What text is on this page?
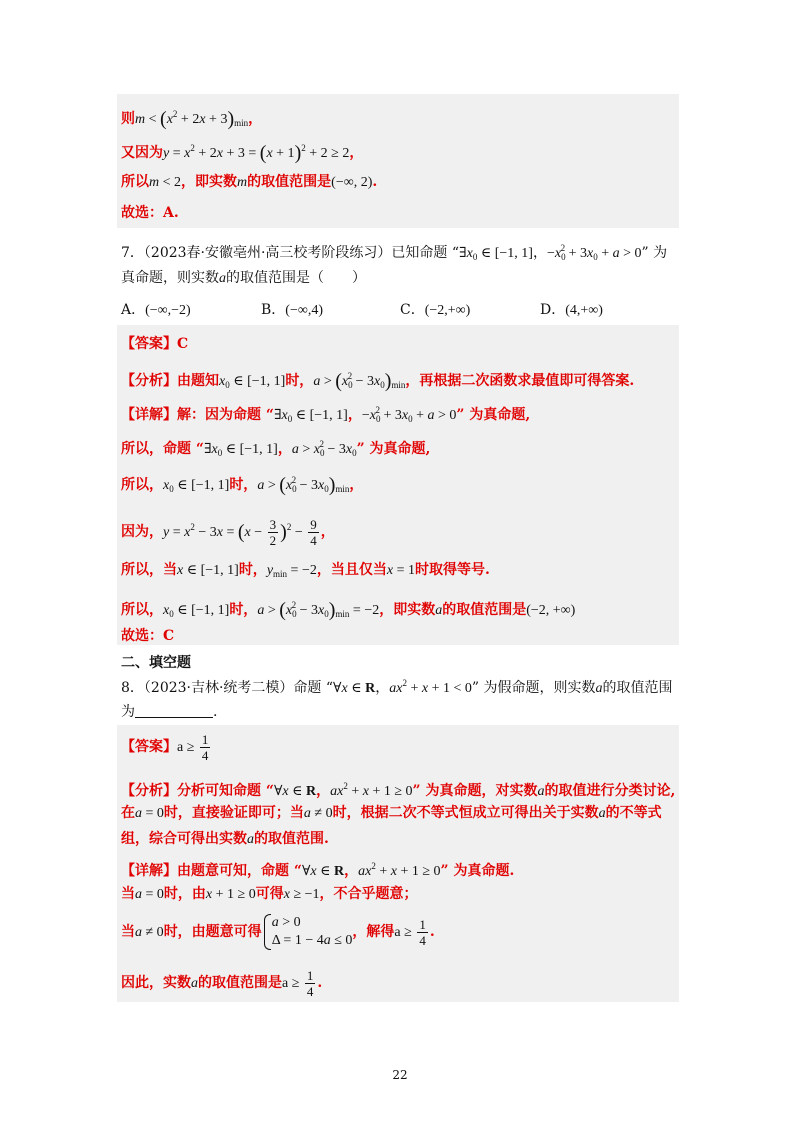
则$m < (x^2 + 2x + 3)_{min}$，
又因为$y = x^2 + 2x + 3 = (x + 1)^2 + 2 \ge 2$，
所以m < 2，即实数m的取值范围是(−∞, 2).
故选：A.
7．（2023春·安徽亳州·高三校考阶段练习）已知命题 “$\exists x_0$ ∈ [−1, 1]，$-x_0^2 + 3x_0 + a > 0$” 为
真命题，则实数a的取值范围是（　　）
A．(−∞,−2)	B．(−∞,4)	C．(−2,+∞)	D．(4,+∞)
【答案】C
【分析】由题知$x_0$ ∈ [−1, 1]时，$a > (x_0^2 - 3x_0)_{min}$，再根据二次函数求最值即可得答案.
【详解】解：因为命题 “$\exists x_0$ ∈ [−1, 1]，$-x_0^2 + 3x_0 + a > 0$” 为真命题,
所以，命题 “$\exists x_0$ ∈ [−1, 1]，$a > x_0^2 - 3x_0$” 为真命题,
所以，$x_0$ ∈ [−1, 1]时，$a > (x_0^2 - 3x_0)_{min}$，
因为，$y = x^2 - 3x = (x - \frac{3}{2} )^2 - \frac{9}{4}$ ，
所以，当x ∈ [−1, 1]时，$y_{min} = -2$，当且仅当x = 1时取得等号.
所以，$x_0$ ∈ [−1, 1]时，$a > (x_0^2 - 3x_0)_{min} = -2$，即实数a的取值范围是(−2, +∞)
故选：C
二、填空题
8．（2023·吉林·统考二模）命题 “∀x ∈ R，$ax^2 + x + 1 < 0$” 为假命题，则实数a的取值范围
为	.
【答案】$a \ge \frac{1}{4}$
【分析】分析可知命题 “∀x ∈ R，$ax^2 + x + 1 \ge 0$” 为真命题，对实数a的取值进行分类讨论,
在a = 0时，直接验证即可；当a ≠ 0时，根据二次不等式恒成立可得出关于实数a的不等式
组，综合可得出实数a的取值范围.
【详解】由题意可知，命题 “∀x ∈ R，$ax^2 + x + 1 \ge 0$” 为真命题.
当a = 0时，由x + 1 ≥ 0可得x ≥ −1，不合乎题意；
当a ≠ 0时，由题意可得
a > 0
Δ = 1 − 4a ≤ 0
，解得$a \ge \frac{1}{4}$ .
因此，实数a的取值范围是$a \ge \frac{1}{4}$ .
22
